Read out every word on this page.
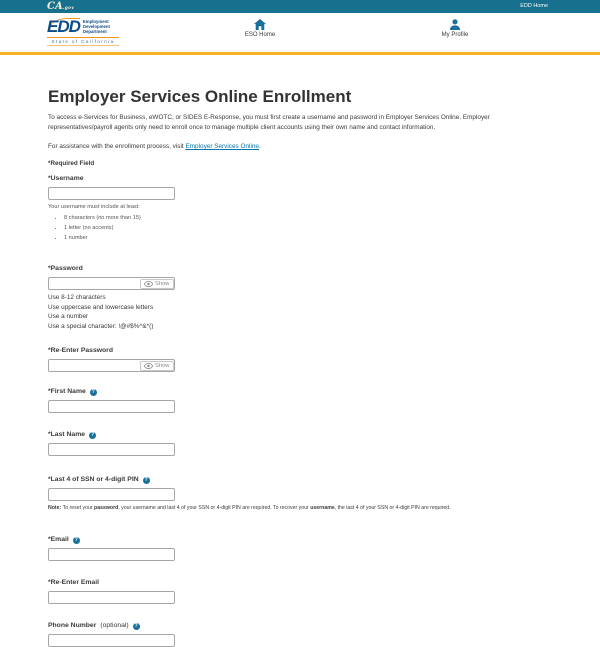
CA.gov	EDD Home
EDD Employment
Development
Department
State of California
ESO Home	My Profile
Employer Services Online Enrollment

To access e-Services for Business, eWOTC, or SIDES E-Response, you must first create a username and password in Employer Services Online. Employer representatives/payroll agents only need to enroll once to manage multiple client accounts using their own name and contact information.

For assistance with the enrollment process, visit Employer Services Online.

*Required Field
*Username
Your username must include at least:
• 8 characters (no more than 15)
• 1 letter (no accents)
• 1 number
*Password
Show
Use 8-12 characters
Use uppercase and lowercase letters
Use a number
Use a special character: !@#$%^&*()
*Re-Enter Password
Show
*First Name	?
*Last Name	?
*Last 4 of SSN or 4-digit PIN	?
Note: To reset your password, your username and last 4 of your SSN or 4-digit PIN are required. To recover your username, the last 4 of your SSN or 4-digit PIN are required.
*Email	?
*Re-Enter Email
Phone Number (optional)	?
